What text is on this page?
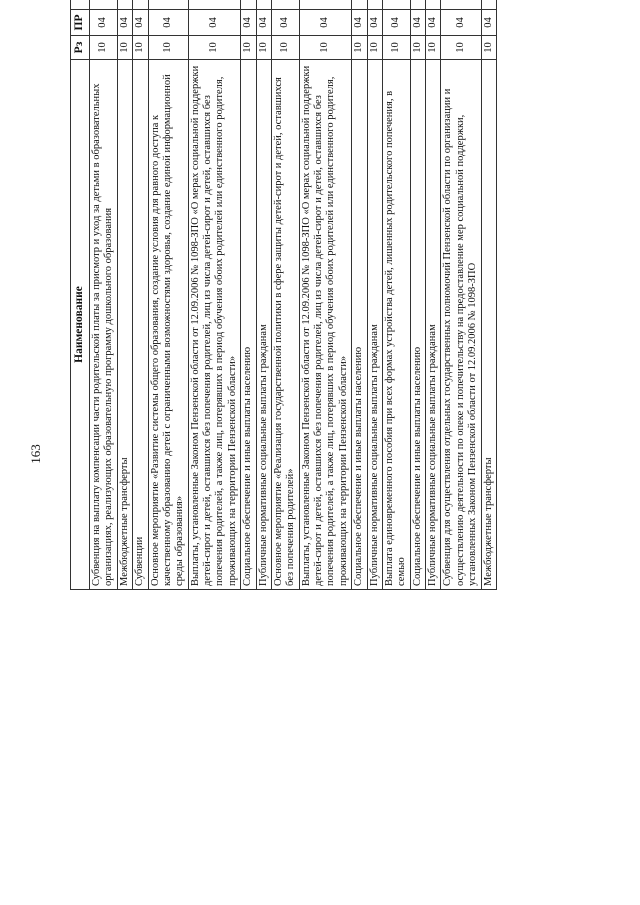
163
Наименование	Рз	ПР			
Субвенция на выплату компенсации части родительской платы за присмотр и уход за детьми в образовательных организациях, реализующих образовательную программу дошкольного образования	10	04			
Межбюджетные трансферты	10	04			
Субвенции	10	04			
Основное мероприятие «Развитие системы общего образования, создание условия для равного доступа к качественному образованию детей с ограниченными возможностями здоровья, создание единой информационной среды образования»	10	04			
Выплаты, установленные Законом Пензенской области от 12.09.2006 № 1098-ЗПО «О мерах социальной поддержки детей-сирот и детей, оставшихся без попечения родителей, лиц из числа детей-сирот и детей, оставшихся без попечения родителей, а также лиц, потерявших в период обучения обоих родителей или единственного родителя, проживающих на территории Пензенской области»	10	04			
Социальное обеспечение и иные выплаты населению	10	04			
Публичные нормативные социальные выплаты гражданам	10	04			
Основное мероприятие «Реализация государственной политики в сфере защиты детей-сирот и детей, оставшихся без попечения родителей»	10	04			
Выплаты, установленные Законом Пензенской области от 12.09.2006 № 1098-ЗПО «О мерах социальной поддержки детей-сирот и детей, оставшихся без попечения родителей, лиц из числа детей-сирот и детей, оставшихся без попечения родителей, а также лиц, потерявших в период обучения обоих родителей или единственного родителя, проживающих на территории Пензенской области»	10	04			
Социальное обеспечение и иные выплаты населению	10	04			
Публичные нормативные социальные выплаты гражданам	10	04			
Выплата единовременного пособия при всех формах устройства детей, лишенных родительского попечения, в семью	10	04			
Социальное обеспечение и иные выплаты населению	10	04			
Публичные нормативные социальные выплаты гражданам	10	04			
Субвенция для осуществления отдельных государственных полномочий Пензенской области по организации и осуществлению деятельности по опеке и попечительству на предоставление мер социальной поддержки, установленных Законом Пензенской области от 12.09.2006 № 1098-ЗПО	10	04			
Межбюджетные трансферты	10	04			
